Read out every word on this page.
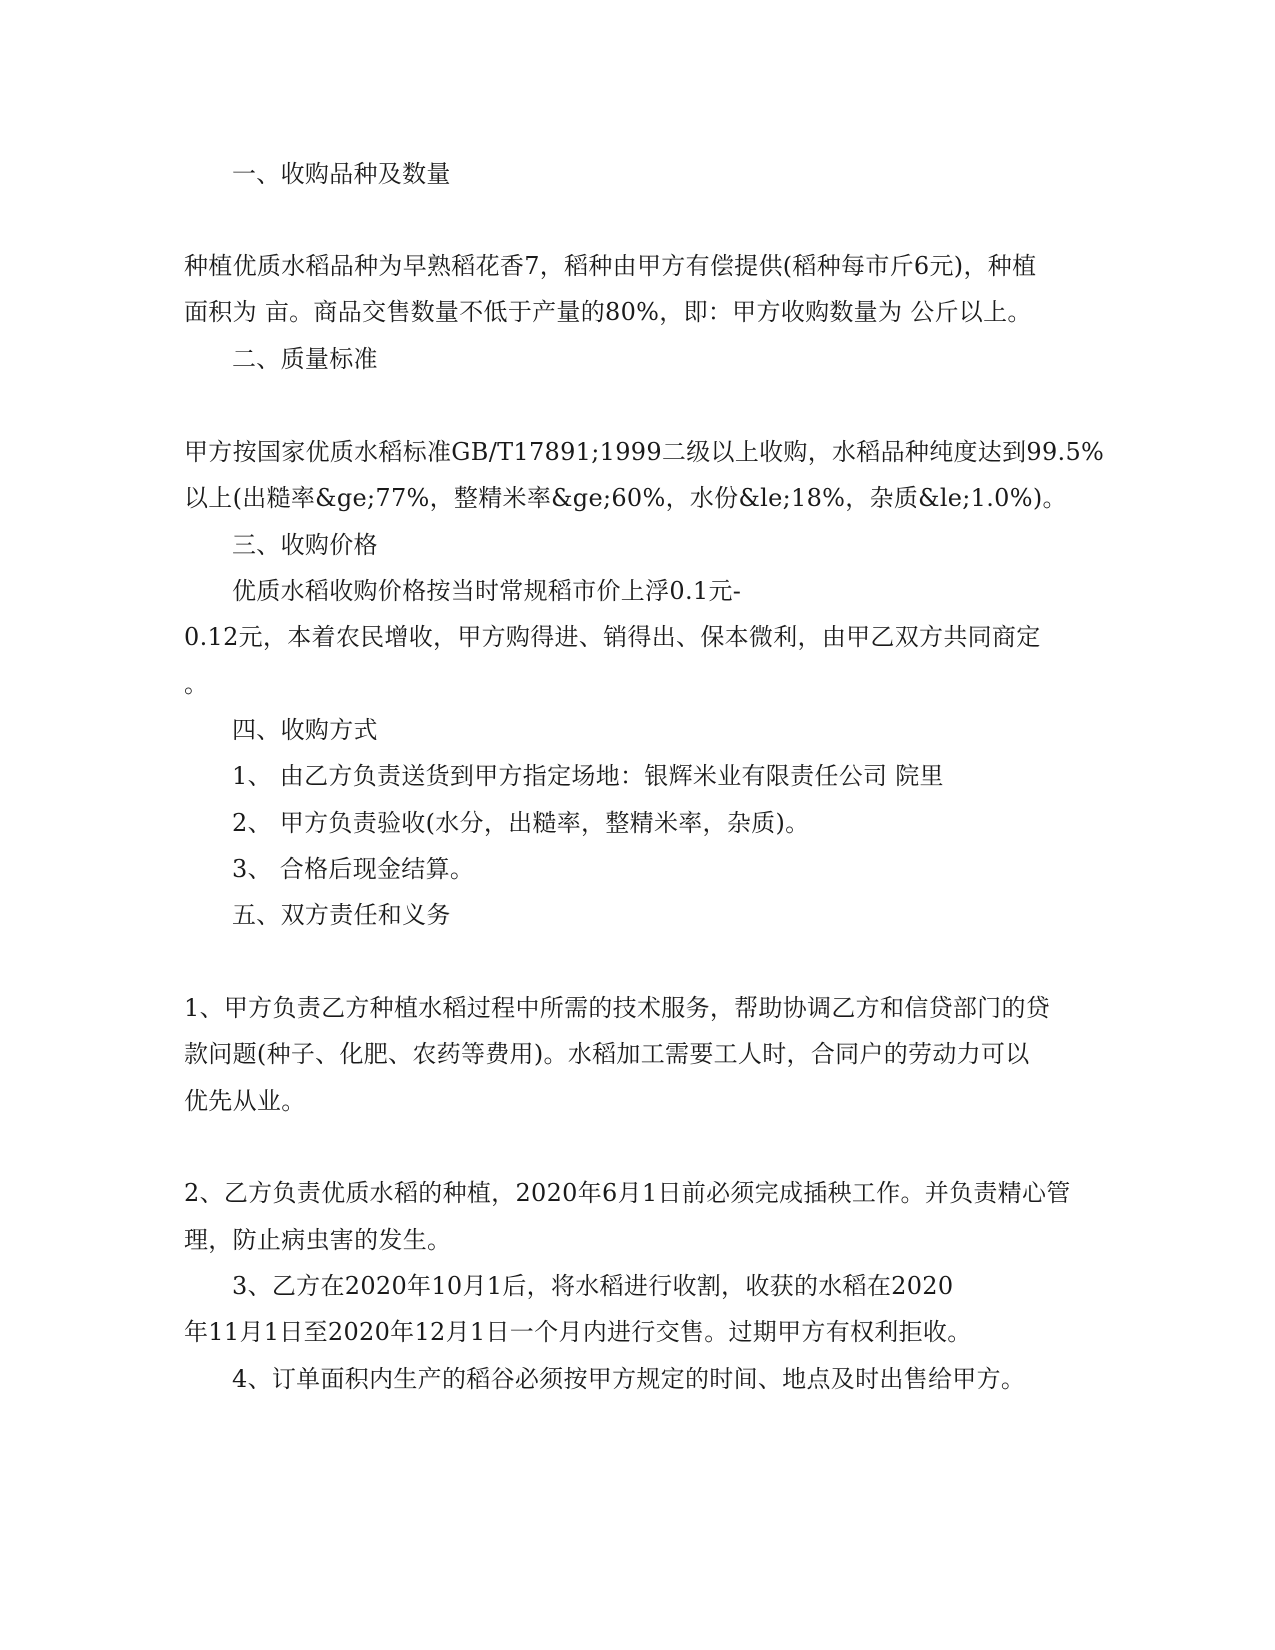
一、收购品种及数量

种植优质水稻品种为早熟稻花香7，稻种由甲方有偿提供(稻种每市斤6元)，种植

面积为 亩。商品交售数量不低于产量的80%，即：甲方收购数量为 公斤以上。

二、质量标准

甲方按国家优质水稻标准GB/T17891;1999二级以上收购，水稻品种纯度达到99.5%

以上(出糙率&ge;77%，整精米率&ge;60%，水份&le;18%，杂质&le;1.0%)。

三、收购价格

优质水稻收购价格按当时常规稻市价上浮0.1元-

0.12元，本着农民增收，甲方购得进、销得出、保本微利，由甲乙双方共同商定

。

四、收购方式

1、 由乙方负责送货到甲方指定场地：银辉米业有限责任公司 院里

2、 甲方负责验收(水分，出糙率，整精米率，杂质)。

3、 合格后现金结算。

五、双方责任和义务

1、甲方负责乙方种植水稻过程中所需的技术服务，帮助协调乙方和信贷部门的贷

款问题(种子、化肥、农药等费用)。水稻加工需要工人时，合同户的劳动力可以

优先从业。

2、乙方负责优质水稻的种植，2020年6月1日前必须完成插秧工作。并负责精心管

理，防止病虫害的发生。

3、乙方在2020年10月1后，将水稻进行收割，收获的水稻在2020

年11月1日至2020年12月1日一个月内进行交售。过期甲方有权利拒收。

4、订单面积内生产的稻谷必须按甲方规定的时间、地点及时出售给甲方。
